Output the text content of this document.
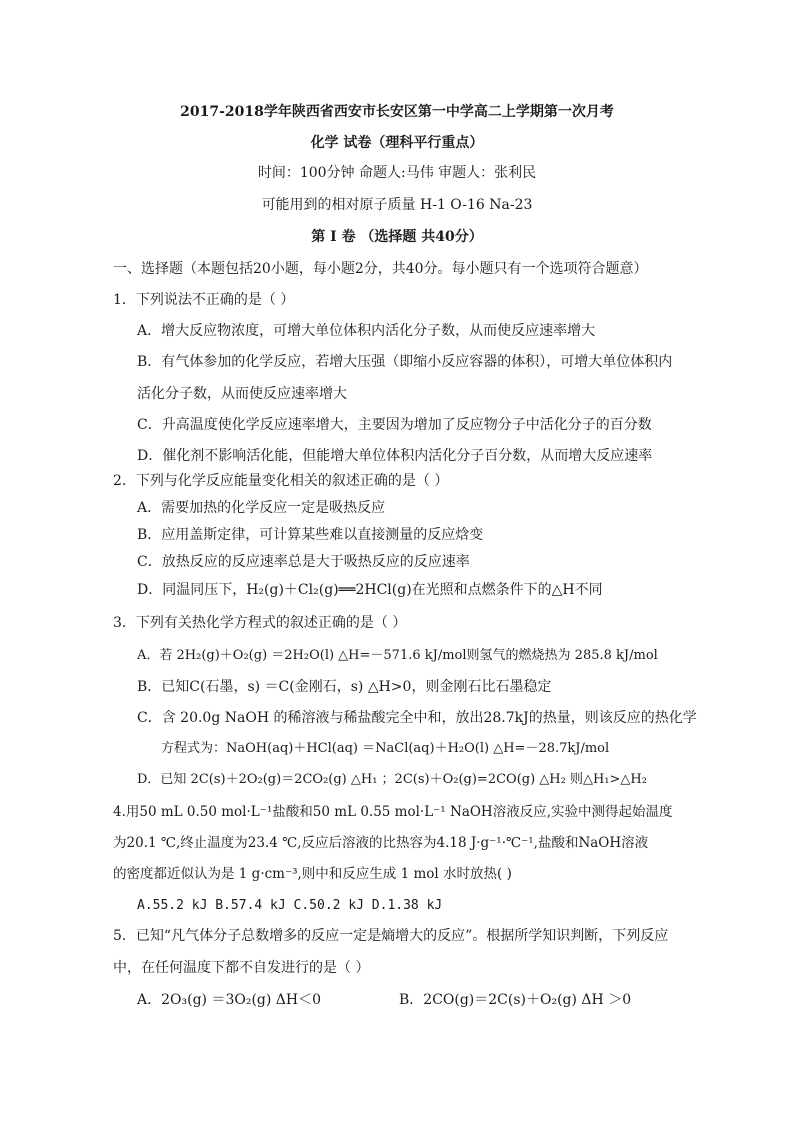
2017-2018学年陕西省西安市长安区第一中学高二上学期第一次月考
化学 试卷（理科平行重点）
时间：100分钟 命题人:马伟 审题人：张利民
可能用到的相对原子质量 H-1 O-16 Na-23
第 I 卷 （选择题 共40分）
一、选择题（本题包括20小题，每小题2分，共40分。每小题只有一个选项符合题意）
1．下列说法不正确的是（ ）
A．增大反应物浓度，可增大单位体积内活化分子数，从而使反应速率增大
B．有气体参加的化学反应，若增大压强（即缩小反应容器的体积），可增大单位体积内
活化分子数，从而使反应速率增大
C．升高温度使化学反应速率增大，主要因为增加了反应物分子中活化分子的百分数
D．催化剂不影响活化能，但能增大单位体积内活化分子百分数，从而增大反应速率
2．下列与化学反应能量变化相关的叙述正确的是（ ）
A．需要加热的化学反应一定是吸热反应
B．应用盖斯定律，可计算某些难以直接测量的反应焓变
C．放热反应的反应速率总是大于吸热反应的反应速率
D．同温同压下，H₂(g)＋Cl₂(g)══2HCl(g)在光照和点燃条件下的△H不同
3．下列有关热化学方程式的叙述正确的是（ ）
A．若 2H₂(g)＋O₂(g) ＝2H₂O(l) △H=－571.6 kJ/mol则氢气的燃烧热为 285.8 kJ/mol
B．已知C(石墨，s) ＝C(金刚石，s) △H>0，则金刚石比石墨稳定
C．含 20.0g NaOH 的稀溶液与稀盐酸完全中和，放出28.7kJ的热量，则该反应的热化学
方程式为：NaOH(aq)＋HCl(aq) ＝NaCl(aq)＋H₂O(l) △H=－28.7kJ/mol
D．已知 2C(s)＋2O₂(g)＝2CO₂(g) △H₁ ；2C(s)＋O₂(g)=2CO(g) △H₂ 则△H₁>△H₂
4.用50 mL 0.50 mol·L⁻¹盐酸和50 mL 0.55 mol·L⁻¹ NaOH溶液反应,实验中测得起始温度
为20.1 ℃,终止温度为23.4 ℃,反应后溶液的比热容为4.18 J·g⁻¹·℃⁻¹,盐酸和NaOH溶液
的密度都近似认为是 1 g·cm⁻³,则中和反应生成 1 mol 水时放热( )
A.55.2 kJ B.57.4 kJ C.50.2 kJ D.1.38 kJ
5．已知“凡气体分子总数增多的反应一定是熵增大的反应”。根据所学知识判断，下列反应
中，在任何温度下都不自发进行的是（ ）
A．2O₃(g) ＝3O₂(g) ΔH＜0	B．2CO(g)＝2C(s)＋O₂(g) ΔH ＞0
